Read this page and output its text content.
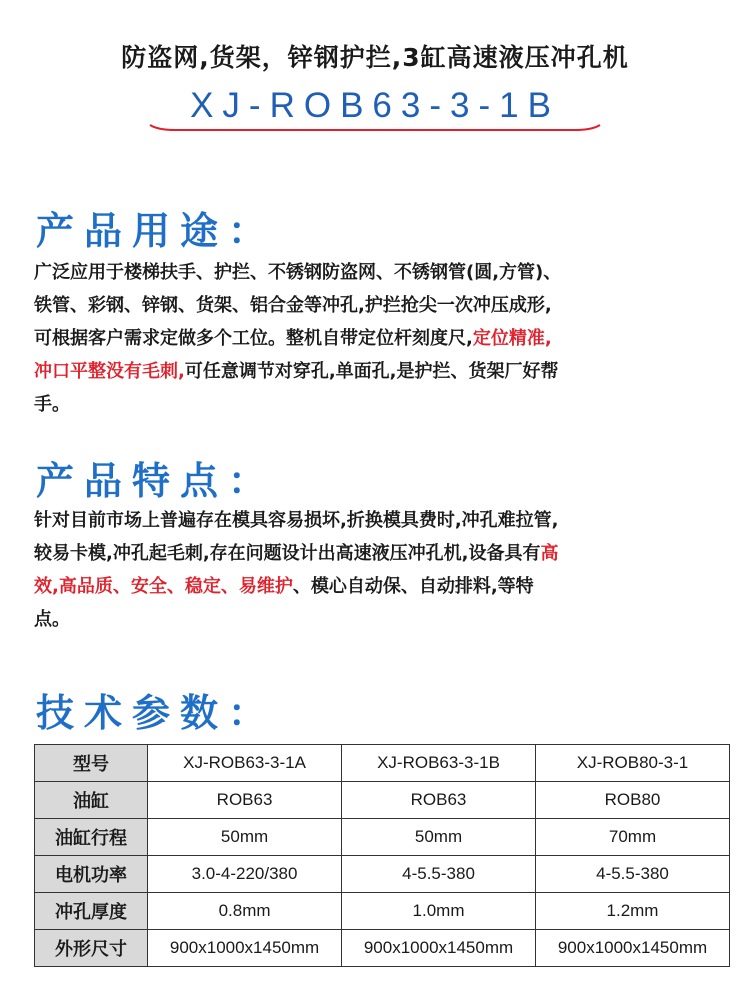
防盗网,货架，锌钢护拦,3缸高速液压冲孔机
XJ-ROB63-3-1B
产品用途：
广泛应用于楼梯扶手、护拦、不锈钢防盗网、不锈钢管(圆,方管)、
铁管、彩钢、锌钢、货架、铝合金等冲孔,护拦抢尖一次冲压成形,
可根据客户需求定做多个工位。整机自带定位杆刻度尺,定位精准,
冲口平整没有毛刺,可任意调节对穿孔,单面孔,是护拦、货架厂好帮
手。
产品特点：
针对目前市场上普遍存在模具容易损坏,折换模具费时,冲孔难拉管,
较易卡模,冲孔起毛刺,存在问题设计出高速液压冲孔机,设备具有高
效,高品质、安全、稳定、易维护、模心自动保、自动排料,等特
点。
技术参数：
型号	XJ-ROB63-3-1A	XJ-ROB63-3-1B	XJ-ROB80-3-1
油缸	ROB63	ROB63	ROB80
油缸行程	50mm	50mm	70mm
电机功率	3.0-4-220/380	4-5.5-380	4-5.5-380
冲孔厚度	0.8mm	1.0mm	1.2mm
外形尺寸	900x1000x1450mm	900x1000x1450mm	900x1000x1450mm
